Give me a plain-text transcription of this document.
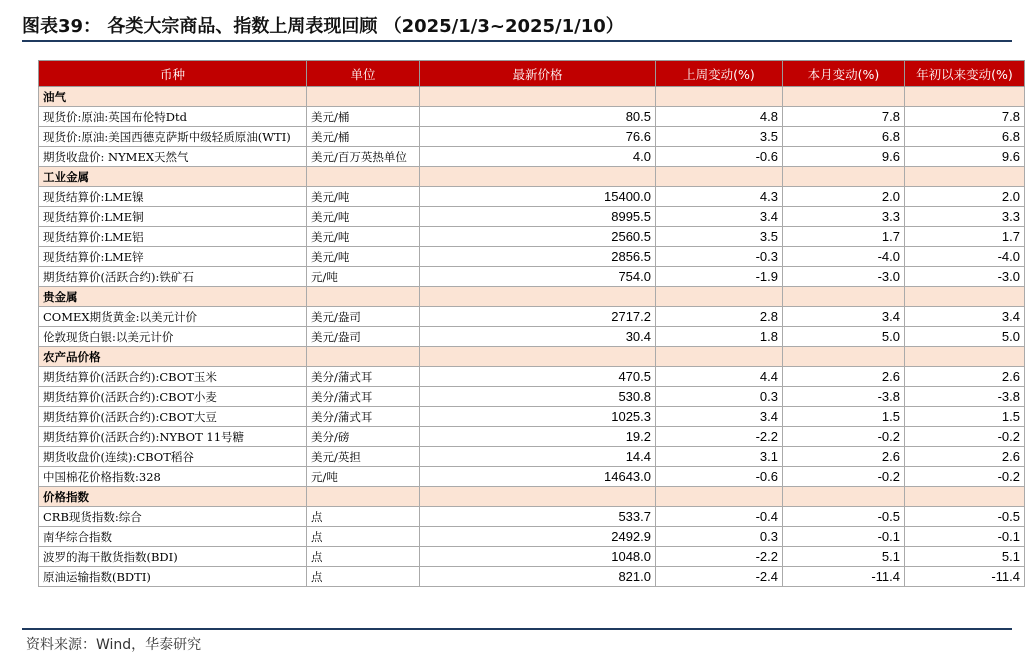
图表39： 各类大宗商品、指数上周表现回顾 （2025/1/3~2025/1/10）
币种	单位	最新价格	上周变动(%)	本月变动(%)	年初以来变动(%)
油气					
现货价:原油:英国布伦特Dtd	美元/桶	80.5	4.8	7.8	7.8
现货价:原油:美国西德克萨斯中级轻质原油(WTI)	美元/桶	76.6	3.5	6.8	6.8
期货收盘价: NYMEX天然气	美元/百万英热单位	4.0	-0.6	9.6	9.6
工业金属					
现货结算价:LME镍	美元/吨	15400.0	4.3	2.0	2.0
现货结算价:LME铜	美元/吨	8995.5	3.4	3.3	3.3
现货结算价:LME铝	美元/吨	2560.5	3.5	1.7	1.7
现货结算价:LME锌	美元/吨	2856.5	-0.3	-4.0	-4.0
期货结算价(活跃合约):铁矿石	元/吨	754.0	-1.9	-3.0	-3.0
贵金属					
COMEX期货黄金:以美元计价	美元/盎司	2717.2	2.8	3.4	3.4
伦敦现货白银:以美元计价	美元/盎司	30.4	1.8	5.0	5.0
农产品价格					
期货结算价(活跃合约):CBOT玉米	美分/蒲式耳	470.5	4.4	2.6	2.6
期货结算价(活跃合约):CBOT小麦	美分/蒲式耳	530.8	0.3	-3.8	-3.8
期货结算价(活跃合约):CBOT大豆	美分/蒲式耳	1025.3	3.4	1.5	1.5
期货结算价(活跃合约):NYBOT 11号糖	美分/磅	19.2	-2.2	-0.2	-0.2
期货收盘价(连续):CBOT稻谷	美元/英担	14.4	3.1	2.6	2.6
中国棉花价格指数:328	元/吨	14643.0	-0.6	-0.2	-0.2
价格指数					
CRB现货指数:综合	点	533.7	-0.4	-0.5	-0.5
南华综合指数	点	2492.9	0.3	-0.1	-0.1
波罗的海干散货指数(BDI)	点	1048.0	-2.2	5.1	5.1
原油运输指数(BDTI)	点	821.0	-2.4	-11.4	-11.4
资料来源：Wind，华泰研究
